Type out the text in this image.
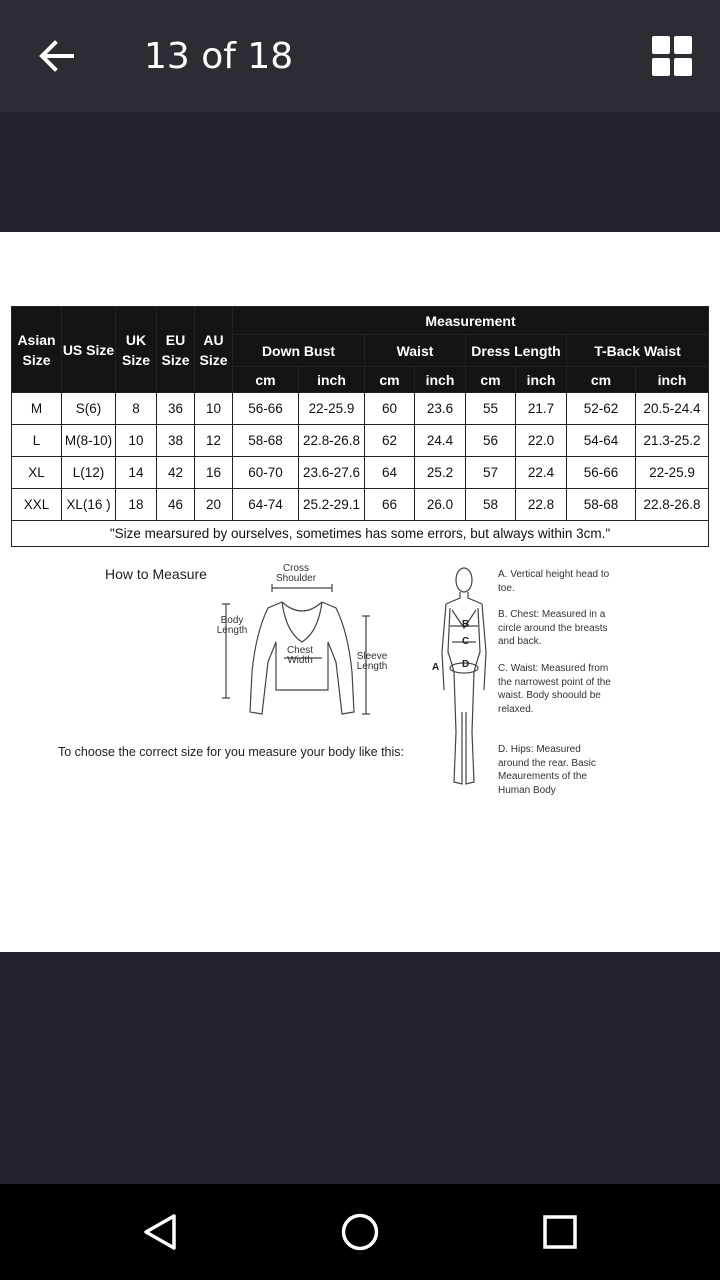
13 of 18
Asian Size	US Size	UK Size	EU Size	AU Size	Measurement							
					Down Bust		Waist		Dress Length		T-Back Waist	
					cm	inch	cm	inch	cm	inch	cm	inch
M	S(6)	8	36	10	56-66	22-25.9	60	23.6	55	21.7	52-62	20.5-24.4
L	M(8-10)	10	38	12	58-68	22.8-26.8	62	24.4	56	22.0	54-64	21.3-25.2
XL	L(12)	14	42	16	60-70	23.6-27.6	64	25.2	57	22.4	56-66	22-25.9
XXL	XL(16 )	18	46	20	64-74	25.2-29.1	66	26.0	58	22.8	58-68	22.8-26.8
"Size mearsured by ourselves, sometimes has some errors, but always within 3cm."												
How to Measure	Cross Shoulder
Body Length
Chest Width	Sleeve Length
To choose the correct size for you measure your body like this:
A
B
C
D
A. Vertical height head to toe.
B. Chest: Measured in a circle around the breasts and back.
C. Waist: Measured from the narrowest point of the waist. Body shoould be relaxed.
D. Hips: Measured around the rear. Basic Meaurements of the Human Body
